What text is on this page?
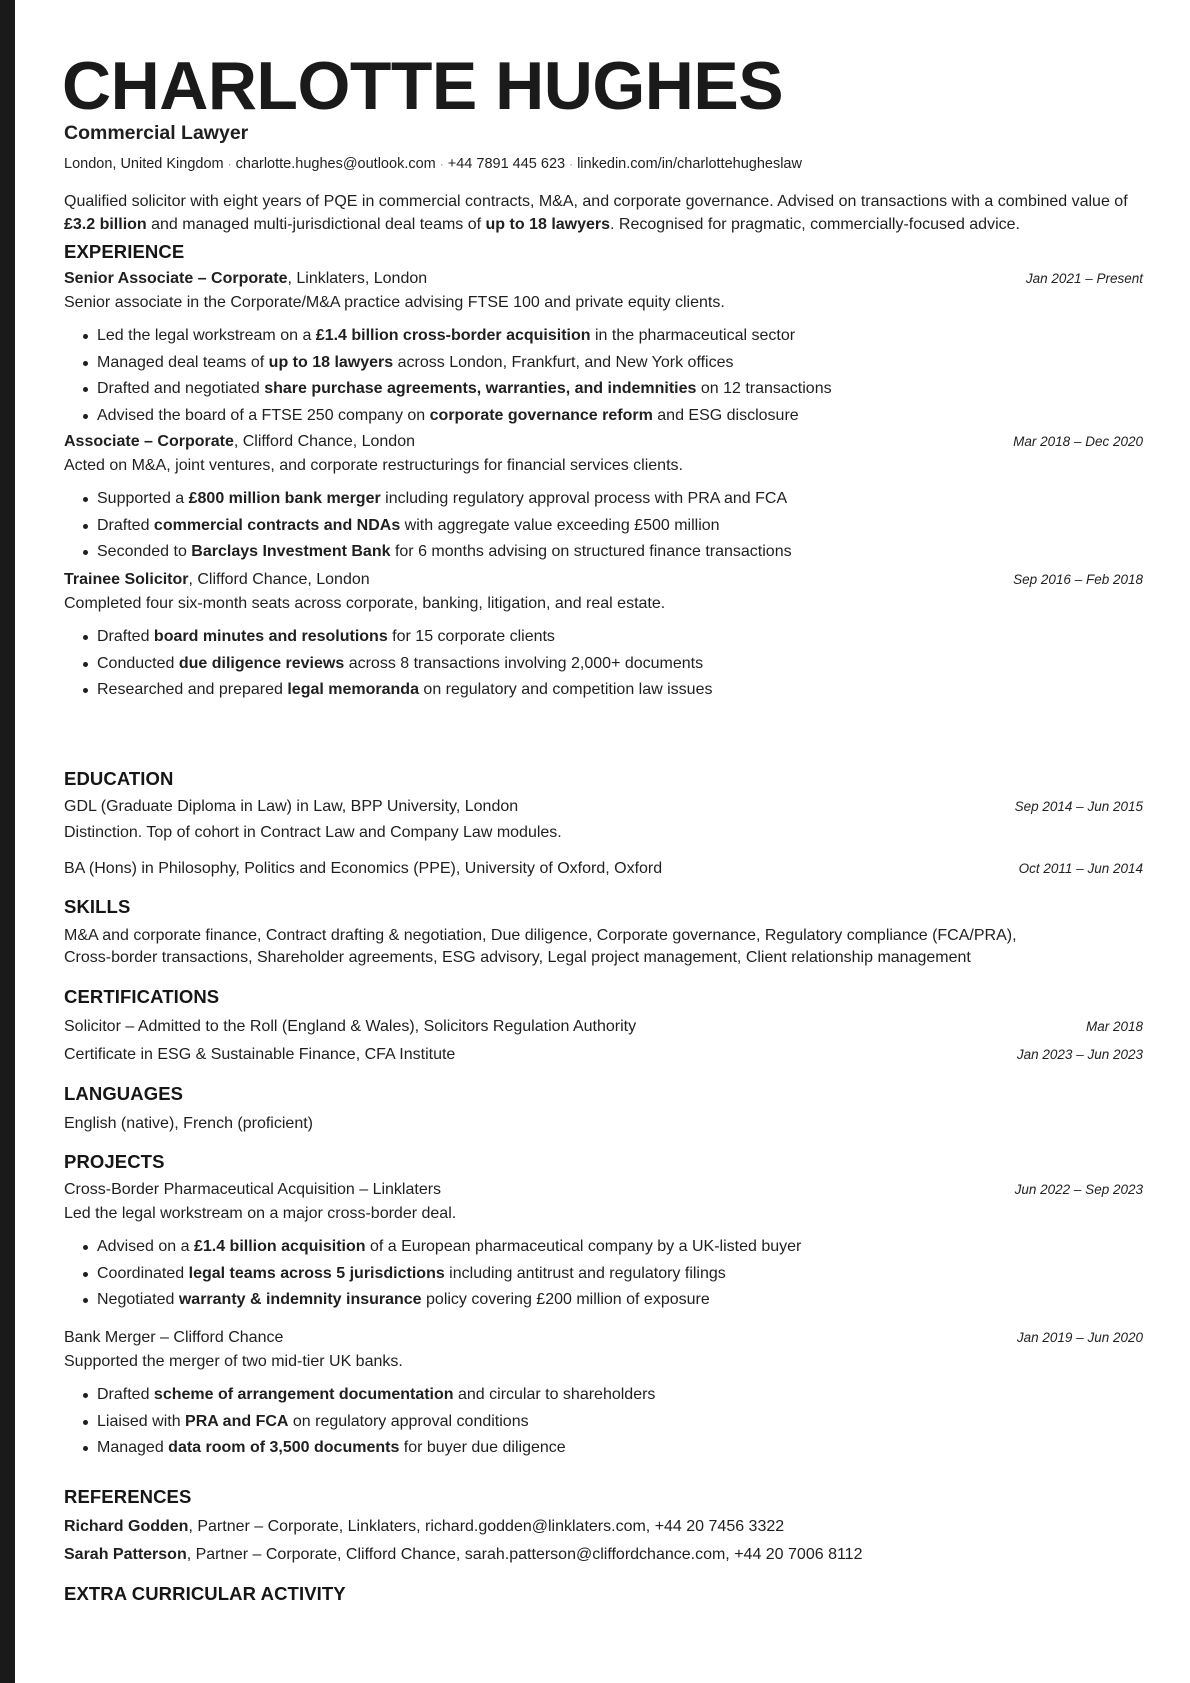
CHARLOTTE HUGHES
Commercial Lawyer
London, United Kingdom · charlotte.hughes@outlook.com · +44 7891 445 623 · linkedin.com/in/charlottehugheslaw
Qualified solicitor with eight years of PQE in commercial contracts, M&A, and corporate governance. Advised on transactions with a combined value of £3.2 billion and managed multi-jurisdictional deal teams of up to 18 lawyers. Recognised for pragmatic, commercially-focused advice.
EXPERIENCE
Senior Associate – Corporate, Linklaters, London	Jan 2021 – Present
Senior associate in the Corporate/M&A practice advising FTSE 100 and private equity clients.
Led the legal workstream on a £1.4 billion cross-border acquisition in the pharmaceutical sector
Managed deal teams of up to 18 lawyers across London, Frankfurt, and New York offices
Drafted and negotiated share purchase agreements, warranties, and indemnities on 12 transactions
Advised the board of a FTSE 250 company on corporate governance reform and ESG disclosure
Associate – Corporate, Clifford Chance, London	Mar 2018 – Dec 2020
Acted on M&A, joint ventures, and corporate restructurings for financial services clients.
Supported a £800 million bank merger including regulatory approval process with PRA and FCA
Drafted commercial contracts and NDAs with aggregate value exceeding £500 million
Seconded to Barclays Investment Bank for 6 months advising on structured finance transactions
Trainee Solicitor, Clifford Chance, London	Sep 2016 – Feb 2018
Completed four six-month seats across corporate, banking, litigation, and real estate.
Drafted board minutes and resolutions for 15 corporate clients
Conducted due diligence reviews across 8 transactions involving 2,000+ documents
Researched and prepared legal memoranda on regulatory and competition law issues
EDUCATION
GDL (Graduate Diploma in Law) in Law, BPP University, London	Sep 2014 – Jun 2015
Distinction. Top of cohort in Contract Law and Company Law modules.
BA (Hons) in Philosophy, Politics and Economics (PPE), University of Oxford, Oxford	Oct 2011 – Jun 2014
SKILLS
M&A and corporate finance, Contract drafting & negotiation, Due diligence, Corporate governance, Regulatory compliance (FCA/PRA),
Cross-border transactions, Shareholder agreements, ESG advisory, Legal project management, Client relationship management
CERTIFICATIONS
Solicitor – Admitted to the Roll (England & Wales), Solicitors Regulation Authority	Mar 2018
Certificate in ESG & Sustainable Finance, CFA Institute	Jan 2023 – Jun 2023
LANGUAGES
English (native), French (proficient)
PROJECTS
Cross-Border Pharmaceutical Acquisition – Linklaters	Jun 2022 – Sep 2023
Led the legal workstream on a major cross-border deal.
Advised on a £1.4 billion acquisition of a European pharmaceutical company by a UK-listed buyer
Coordinated legal teams across 5 jurisdictions including antitrust and regulatory filings
Negotiated warranty & indemnity insurance policy covering £200 million of exposure
Bank Merger – Clifford Chance	Jan 2019 – Jun 2020
Supported the merger of two mid-tier UK banks.
Drafted scheme of arrangement documentation and circular to shareholders
Liaised with PRA and FCA on regulatory approval conditions
Managed data room of 3,500 documents for buyer due diligence
REFERENCES
Richard Godden, Partner – Corporate, Linklaters, richard.godden@linklaters.com, +44 20 7456 3322
Sarah Patterson, Partner – Corporate, Clifford Chance, sarah.patterson@cliffordchance.com, +44 20 7006 8112
EXTRA CURRICULAR ACTIVITY
